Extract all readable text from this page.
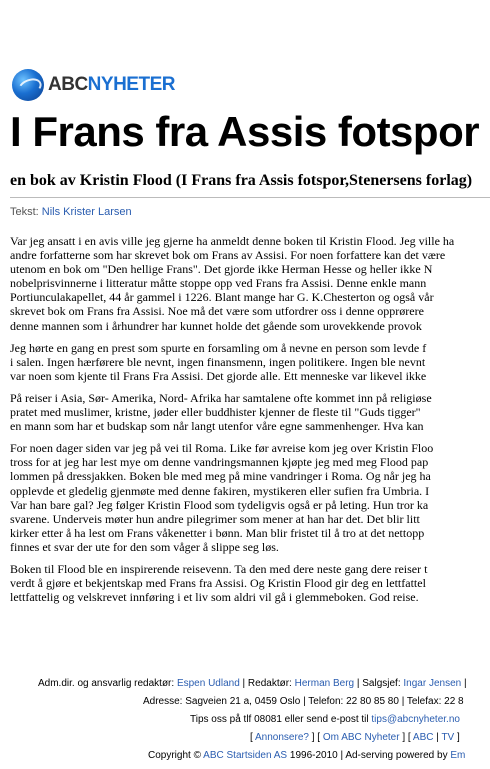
ABC NYHETER
I Frans fra Assis fotspor
en bok av Kristin Flood (I Frans fra Assis fotspor,Stenersens forlag)
Tekst: Nils Krister Larsen

Var jeg ansatt i en avis ville jeg gjerne ha anmeldt denne boken til Kristin Flood. Jeg ville ha
andre forfatterne som har skrevet bok om Frans av Assisi. For noen forfattere kan det være
utenom en bok om "Den hellige Frans". Det gjorde ikke Herman Hesse og heller ikke N
nobelprisvinnerne i litteratur måtte stoppe opp ved Frans fra Assisi. Denne enkle mann
Portiunculakapellet, 44 år gammel i 1226. Blant mange har G. K.Chesterton og også vår
skrevet bok om Frans fra Assisi. Noe må det være som utfordrer oss i denne opprørere
denne mannen som i århundrer har kunnet holde det gående som urovekkende provok

Jeg hørte en gang en prest som spurte en forsamling om å nevne en person som levde f
i salen. Ingen hærførere ble nevnt, ingen finansmenn, ingen politikere. Ingen ble nevnt
var noen som kjente til Frans Fra Assisi. Det gjorde alle. Ett menneske var likevel ikke

På reiser i Asia, Sør- Amerika, Nord- Afrika har samtalene ofte kommet inn på religiøse
pratet med muslimer, kristne, jøder eller buddhister kjenner de fleste til "Guds tigger"
en mann som har et budskap som når langt utenfor våre egne sammenhenger. Hva kan

For noen dager siden var jeg på vei til Roma. Like før avreise kom jeg over Kristin Floo
tross for at jeg har lest mye om denne vandringsmannen kjøpte jeg med meg Flood pap
lommen på dressjakken. Boken ble med meg på mine vandringer i Roma. Og når jeg ha
opplevde et gledelig gjenmøte med denne fakiren, mystikeren eller sufien fra Umbria. I
Var han bare gal? Jeg følger Kristin Flood som tydeligvis også er på leting. Hun tror ka
svarene. Underveis møter hun andre pilegrimer som mener at han har det. Det blir litt
kirker etter å ha lest om Frans våkenetter i bønn. Man blir fristet til å tro at det nettopp
finnes et svar der ute for den som våger å slippe seg løs.

Boken til Flood ble en inspirerende reisevenn. Ta den med dere neste gang dere reiser t
verdt å gjøre et bekjentskap med Frans fra Assisi. Og Kristin Flood gir deg en lettfattel
lettfattelig og velskrevet innføring i et liv som aldri vil gå i glemmeboken. God reise.

Adm.dir. og ansvarlig redaktør: Espen Udland | Redaktør: Herman Berg | Salgsjef: Ingar Jensen |
Adresse: Sagveien 21 a, 0459 Oslo | Telefon: 22 80 85 80 | Telefax: 22 8
Tips oss på tlf 08081 eller send e-post til tips@abcnyheter.no
[ Annonsere? ] [ Om ABC Nyheter ] [ ABC | TV ]
Copyright © ABC Startsiden AS 1996-2010 | Ad-serving powered by Em
